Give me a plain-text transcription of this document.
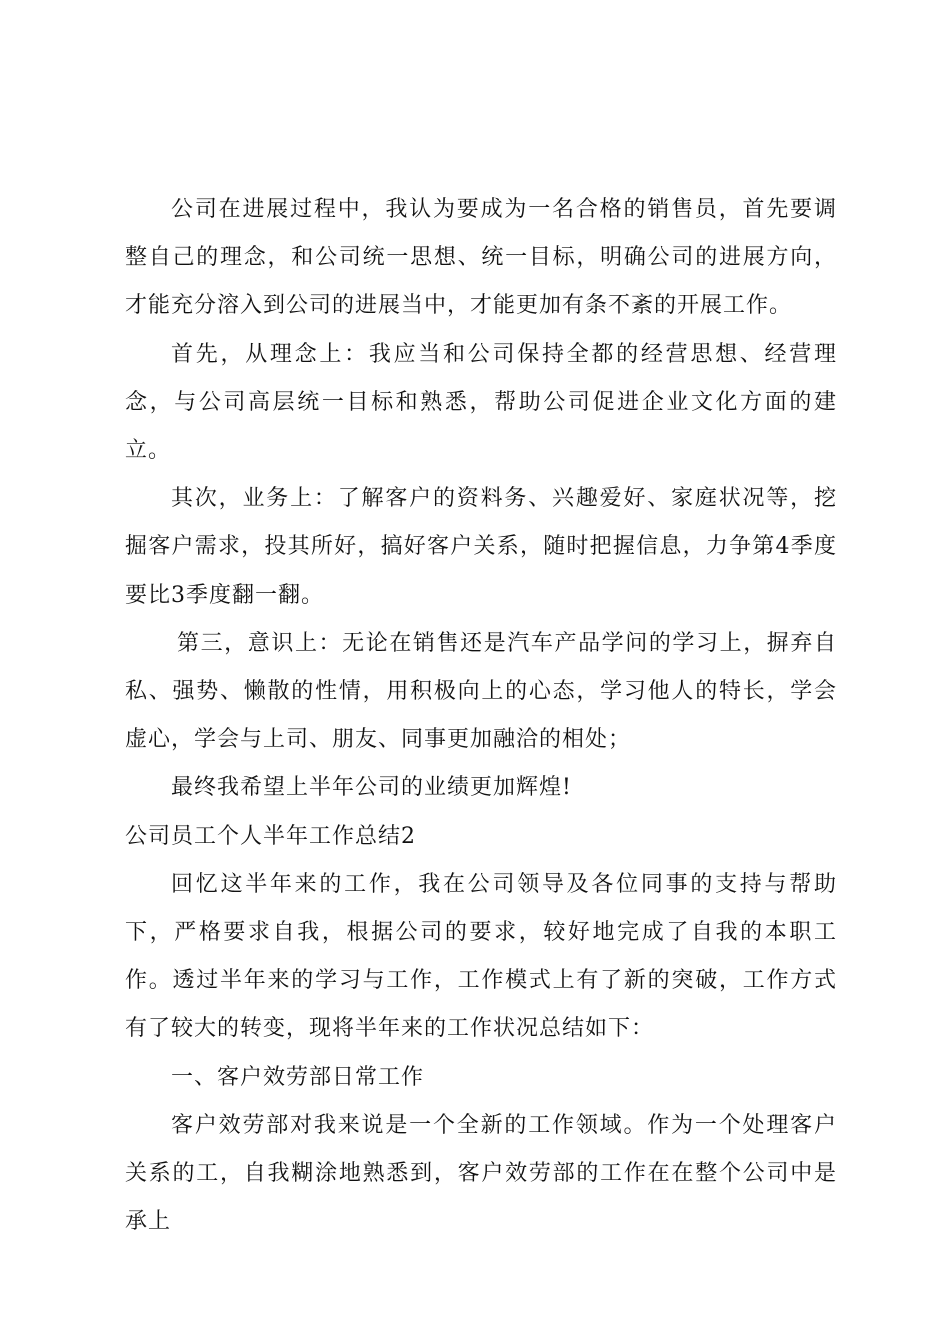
公司在进展过程中，我认为要成为一名合格的销售员，首先要调整自己的理念，和公司统一思想、统一目标，明确公司的进展方向，才能充分溶入到公司的进展当中，才能更加有条不紊的开展工作。

首先，从理念上：我应当和公司保持全都的经营思想、经营理念，与公司高层统一目标和熟悉，帮助公司促进企业文化方面的建立。

其次，业务上：了解客户的资料务、兴趣爱好、家庭状况等，挖掘客户需求，投其所好，搞好客户关系，随时把握信息，力争第4季度要比3季度翻一翻。

第三，意识上：无论在销售还是汽车产品学问的学习上，摒弃自私、强势、懒散的性情，用积极向上的心态，学习他人的特长，学会虚心，学会与上司、朋友、同事更加融洽的相处；

最终我希望上半年公司的业绩更加辉煌!

公司员工个人半年工作总结2

回忆这半年来的工作，我在公司领导及各位同事的支持与帮助下，严格要求自我，根据公司的要求，较好地完成了自我的本职工作。透过半年来的学习与工作，工作模式上有了新的突破，工作方式有了较大的转变，现将半年来的工作状况总结如下：

一、客户效劳部日常工作

客户效劳部对我来说是一个全新的工作领域。作为一个处理客户关系的工，自我糊涂地熟悉到，客户效劳部的工作在在整个公司中是承上
